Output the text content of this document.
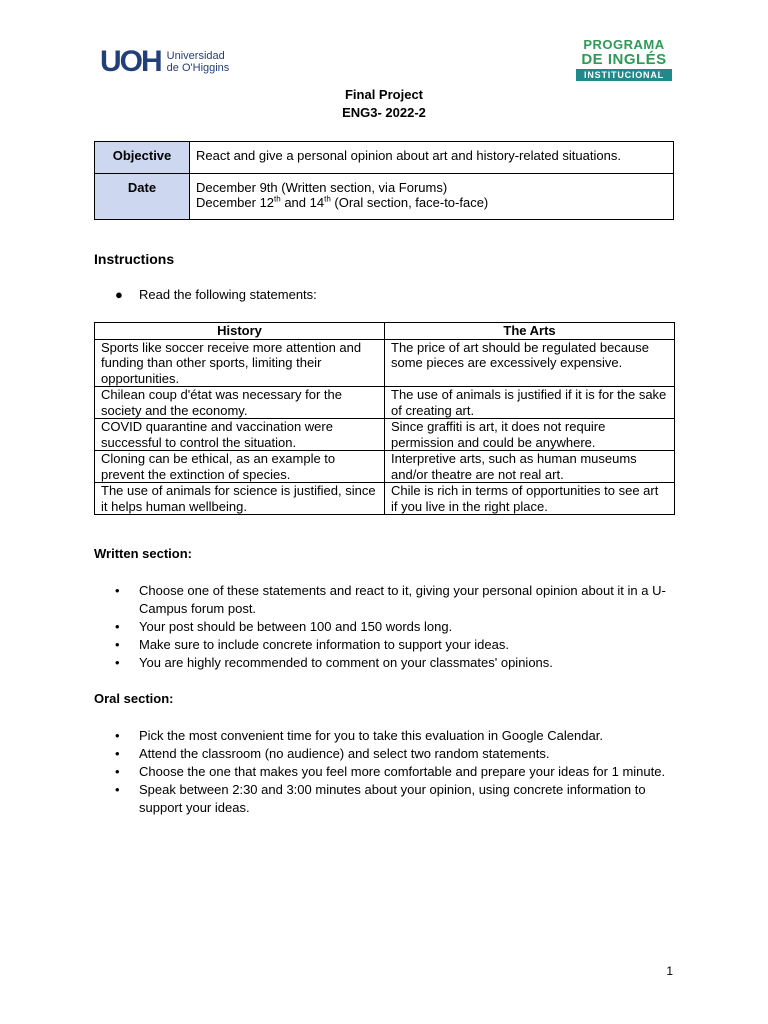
UOH Universidad
de O'Higgins
PROGRAMA
DE INGLÉS
INSTITUCIONAL
Final Project
ENG3- 2022-2
Objective	React and give a personal opinion about art and history-related situations.
Date	December 9th (Written section, via Forums)
December 12th and 14th (Oral section, face-to-face)
Instructions
● Read the following statements:
History	The Arts
Sports like soccer receive more attention and funding than other sports, limiting their opportunities.	The price of art should be regulated because some pieces are excessively expensive.
Chilean coup d'état was necessary for the society and the economy.	The use of animals is justified if it is for the sake of creating art.
COVID quarantine and vaccination were successful to control the situation.	Since graffiti is art, it does not require permission and could be anywhere.
Cloning can be ethical, as an example to prevent the extinction of species.	Interpretive arts, such as human museums and/or theatre are not real art.
The use of animals for science is justified, since it helps human wellbeing.	Chile is rich in terms of opportunities to see art if you live in the right place.
Written section:
• Choose one of these statements and react to it, giving your personal opinion about it in a U-Campus forum post.
• Your post should be between 100 and 150 words long.
• Make sure to include concrete information to support your ideas.
• You are highly recommended to comment on your classmates' opinions.
Oral section:
• Pick the most convenient time for you to take this evaluation in Google Calendar.
• Attend the classroom (no audience) and select two random statements.
• Choose the one that makes you feel more comfortable and prepare your ideas for 1 minute.
• Speak between 2:30 and 3:00 minutes about your opinion, using concrete information to support your ideas.
1
